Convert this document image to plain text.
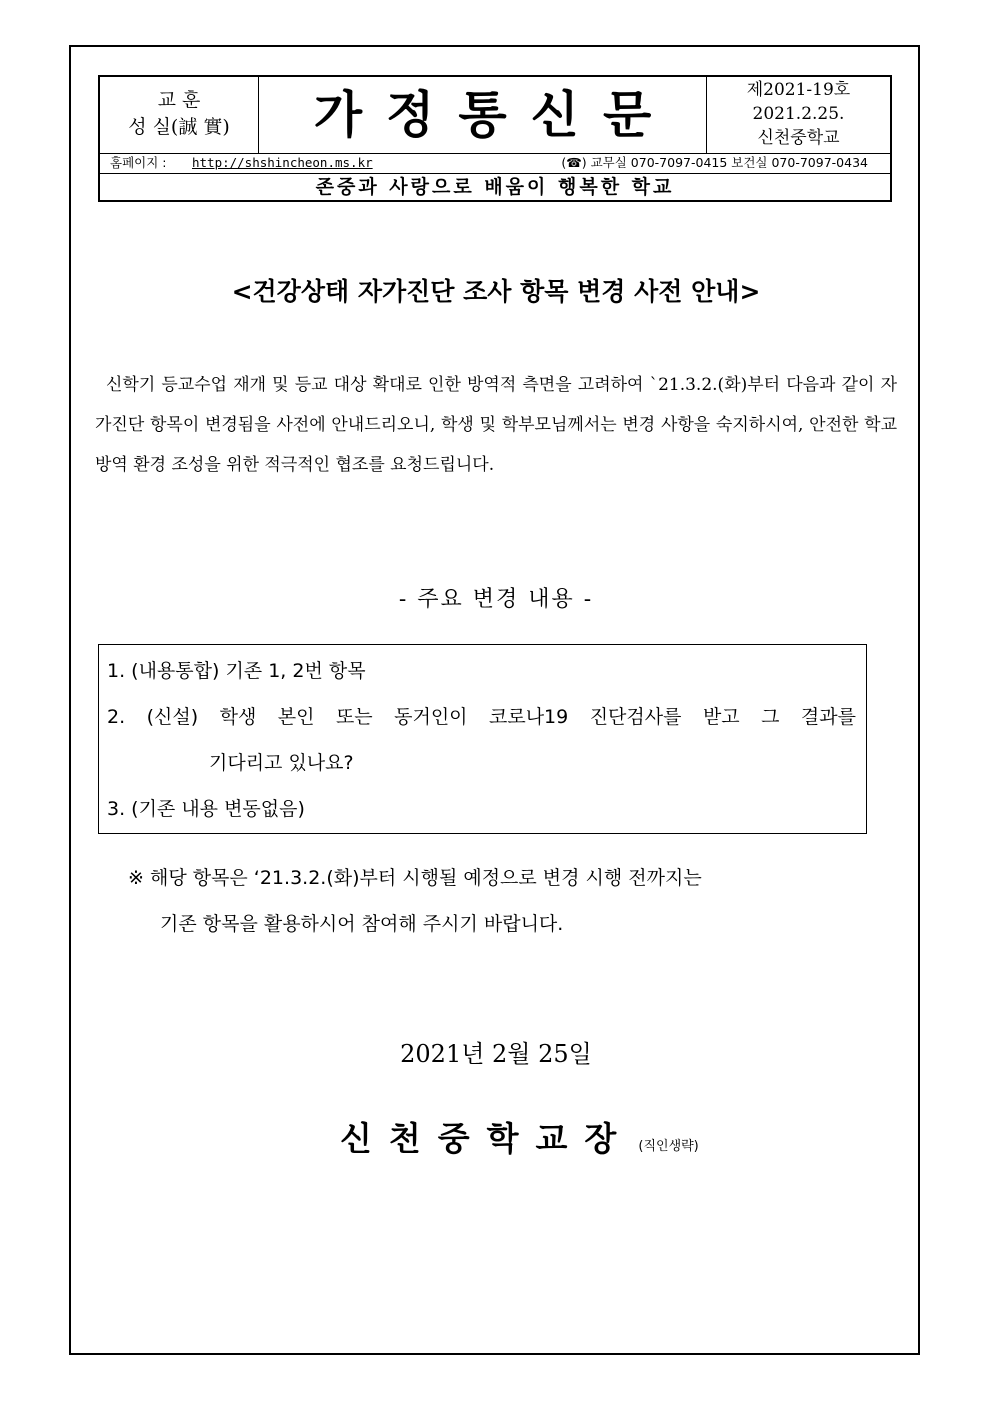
교 훈
성 실(誠 實)	가정통신문	제2021-19호
2021.2.25.
신천중학교
홈페이지 : http://shshincheon.ms.kr	(☎) 교무실 070-7097-0415 보건실 070-7097-0434
존중과 사랑으로 배움이 행복한 학교
<건강상태 자가진단 조사 항목 변경 사전 안내>

신학기 등교수업 재개 및 등교 대상 확대로 인한 방역적 측면을 고려하여 `21.3.2.(화)부터 다음과 같이 자가진단 항목이 변경됨을 사전에 안내드리오니, 학생 및 학부모님께서는 변경 사항을 숙지하시여, 안전한 학교 방역 환경 조성을 위한 적극적인 협조를 요청드립니다.

- 주요 변경 내용 -
1. (내용통합) 기존 1, 2번 항목
2. (신설) 학생 본인 또는 동거인이 코로나19 진단검사를 받고 그 결과를
기다리고 있나요?
3. (기존 내용 변동없음)
※ 해당 항목은 ‘21.3.2.(화)부터 시행될 예정으로 변경 시행 전까지는
기존 항목을 활용하시어 참여해 주시기 바랍니다.
2021년 2월 25일
신천중학교장 (직인생략)
